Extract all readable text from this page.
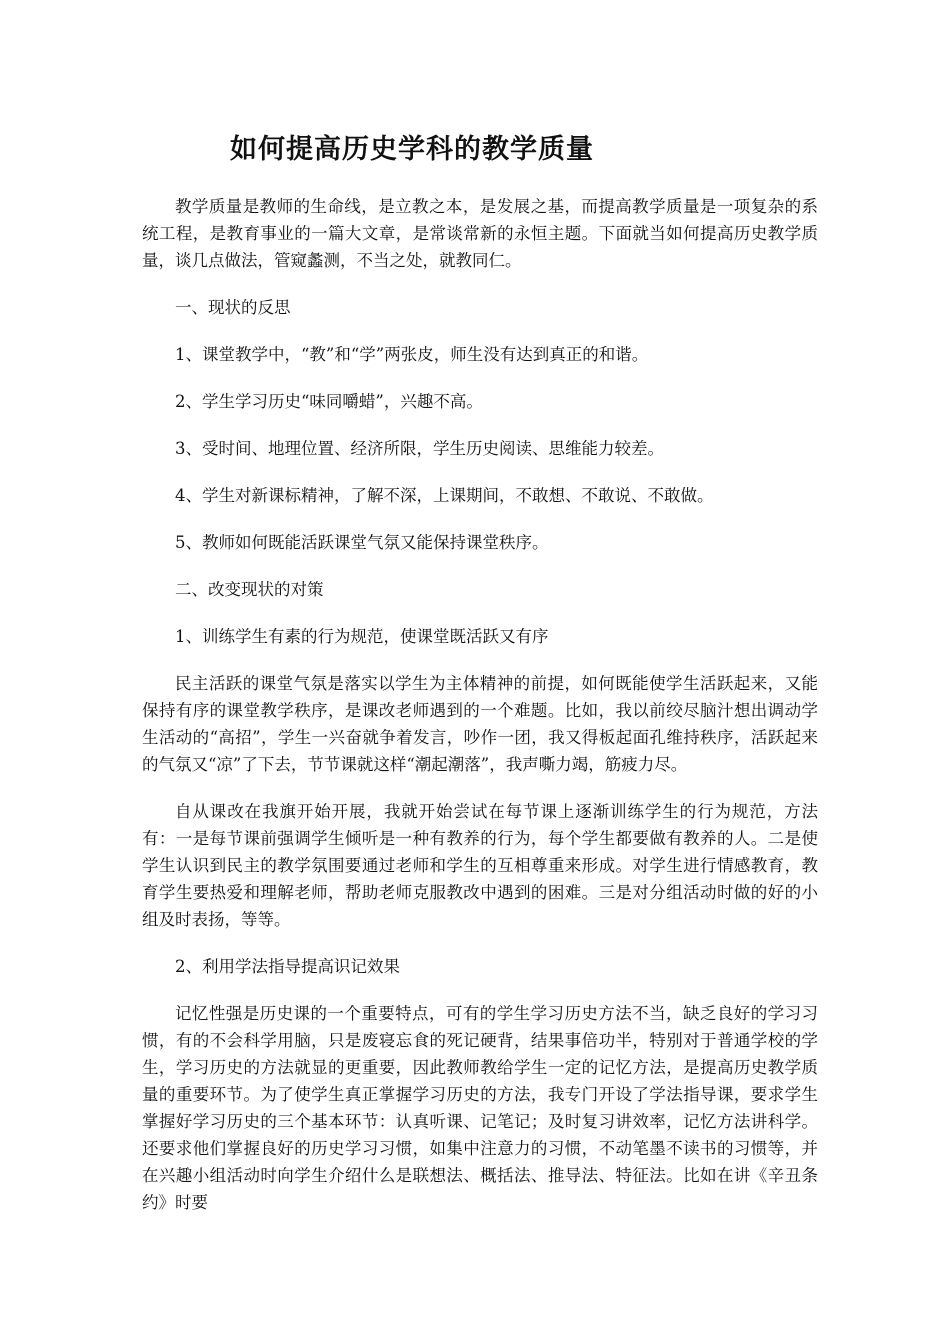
如何提高历史学科的教学质量

教学质量是教师的生命线，是立教之本，是发展之基，而提高教学质量是一项复杂的系统工程，是教育事业的一篇大文章，是常谈常新的永恒主题。下面就当如何提高历史教学质量，谈几点做法，管窥蠡测，不当之处，就教同仁。

一、现状的反思

1、课堂教学中，“教”和“学”两张皮，师生没有达到真正的和谐。

2、学生学习历史“味同嚼蜡”，兴趣不高。

3、受时间、地理位置、经济所限，学生历史阅读、思维能力较差。

4、学生对新课标精神，了解不深，上课期间，不敢想、不敢说、不敢做。

5、教师如何既能活跃课堂气氛又能保持课堂秩序。

二、改变现状的对策

1、训练学生有素的行为规范，使课堂既活跃又有序

民主活跃的课堂气氛是落实以学生为主体精神的前提，如何既能使学生活跃起来，又能保持有序的课堂教学秩序，是课改老师遇到的一个难题。比如，我以前绞尽脑汁想出调动学生活动的“高招”，学生一兴奋就争着发言，吵作一团，我又得板起面孔维持秩序，活跃起来的气氛又“凉”了下去，节节课就这样“潮起潮落”，我声嘶力竭，筋疲力尽。

自从课改在我旗开始开展，我就开始尝试在每节课上逐渐训练学生的行为规范，方法有：一是每节课前强调学生倾听是一种有教养的行为，每个学生都要做有教养的人。二是使学生认识到民主的教学氛围要通过老师和学生的互相尊重来形成。对学生进行情感教育，教育学生要热爱和理解老师，帮助老师克服教改中遇到的困难。三是对分组活动时做的好的小组及时表扬，等等。

2、利用学法指导提高识记效果

记忆性强是历史课的一个重要特点，可有的学生学习历史方法不当，缺乏良好的学习习惯，有的不会科学用脑，只是废寝忘食的死记硬背，结果事倍功半，特别对于普通学校的学生，学习历史的方法就显的更重要，因此教师教给学生一定的记忆方法，是提高历史教学质量的重要环节。为了使学生真正掌握学习历史的方法，我专门开设了学法指导课，要求学生掌握好学习历史的三个基本环节：认真听课、记笔记；及时复习讲效率，记忆方法讲科学。还要求他们掌握良好的历史学习习惯，如集中注意力的习惯，不动笔墨不读书的习惯等，并在兴趣小组活动时向学生介绍什么是联想法、概括法、推导法、特征法。比如在讲《辛丑条约》时要
